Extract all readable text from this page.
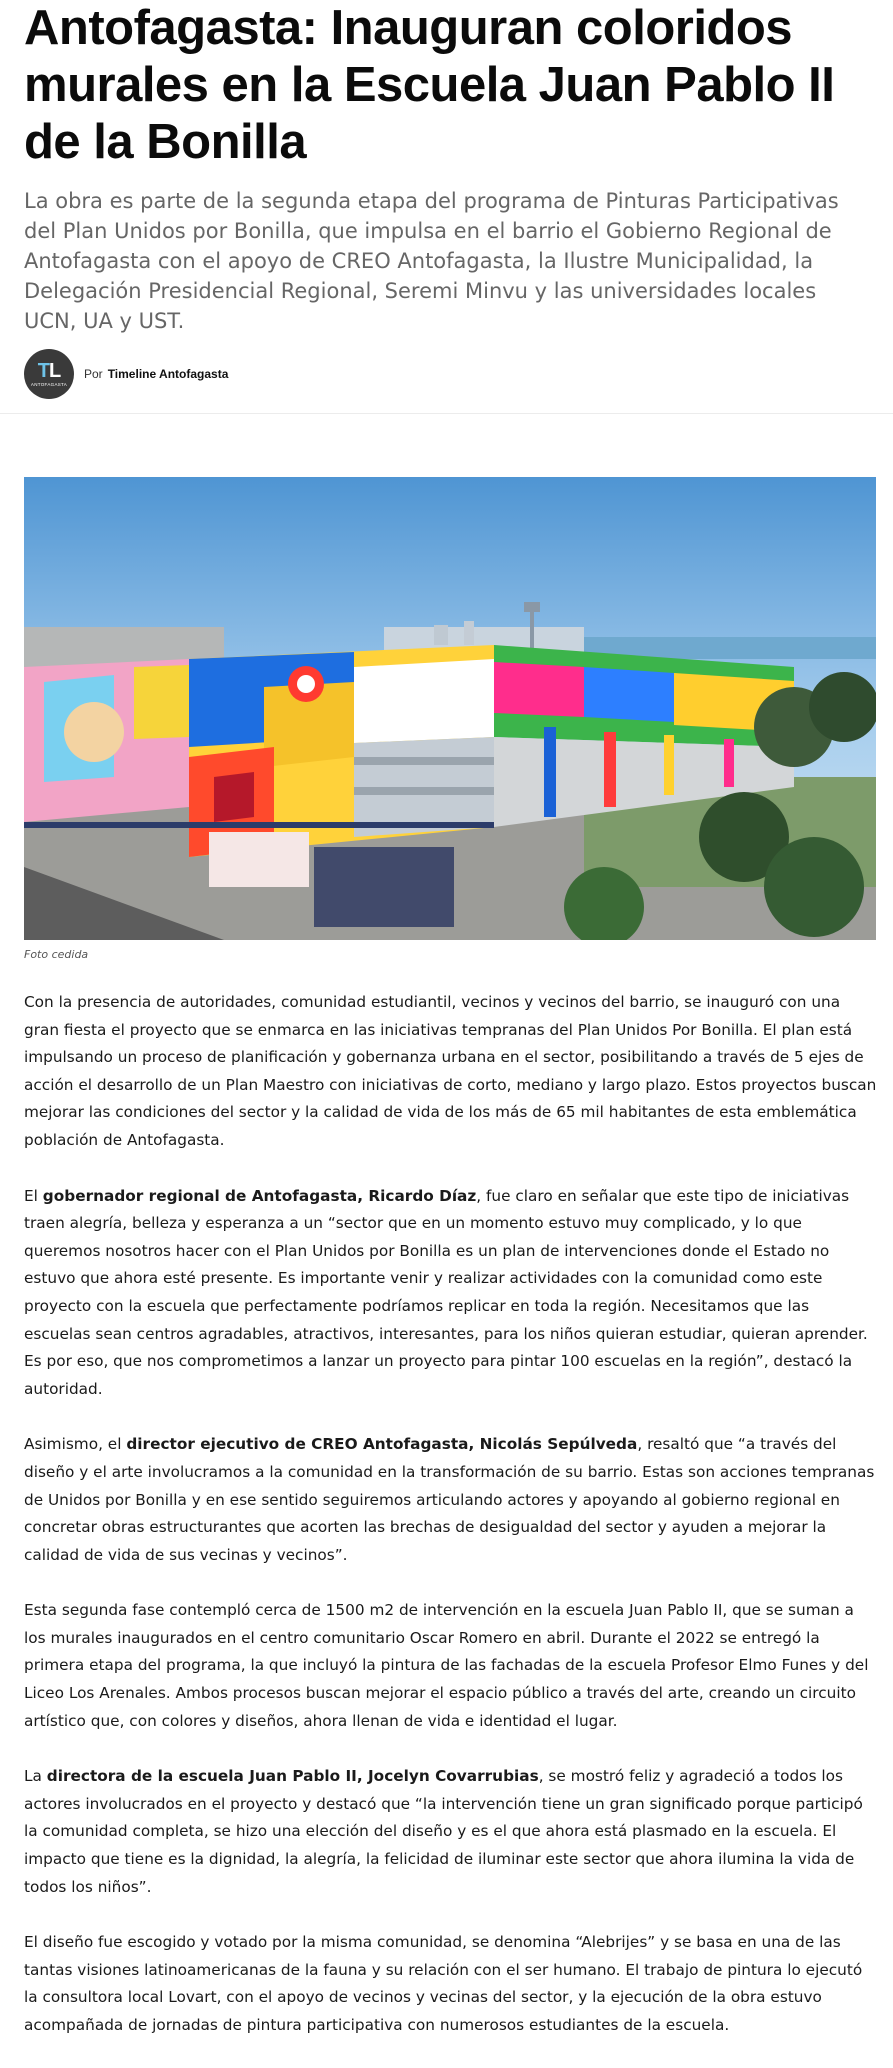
Antofagasta: Inauguran coloridos murales en la Escuela Juan Pablo II de la Bonilla

La obra es parte de la segunda etapa del programa de Pinturas Participativas del Plan Unidos por Bonilla, que impulsa en el barrio el Gobierno Regional de Antofagasta con el apoyo de CREO Antofagasta, la Ilustre Municipalidad, la Delegación Presidencial Regional, Seremi Minvu y las universidades locales UCN, UA y UST.

TL
ANTOFAGASTA
Por Timeline Antofagasta
Foto cedida

Con la presencia de autoridades, comunidad estudiantil, vecinos y vecinos del barrio, se inauguró con una gran fiesta el proyecto que se enmarca en las iniciativas tempranas del Plan Unidos Por Bonilla. El plan está impulsando un proceso de planificación y gobernanza urbana en el sector, posibilitando a través de 5 ejes de acción el desarrollo de un Plan Maestro con iniciativas de corto, mediano y largo plazo. Estos proyectos buscan mejorar las condiciones del sector y la calidad de vida de los más de 65 mil habitantes de esta emblemática población de Antofagasta.

El gobernador regional de Antofagasta, Ricardo Díaz, fue claro en señalar que este tipo de iniciativas traen alegría, belleza y esperanza a un “sector que en un momento estuvo muy complicado, y lo que queremos nosotros hacer con el Plan Unidos por Bonilla es un plan de intervenciones donde el Estado no estuvo que ahora esté presente. Es importante venir y realizar actividades con la comunidad como este proyecto con la escuela que perfectamente podríamos replicar en toda la región. Necesitamos que las escuelas sean centros agradables, atractivos, interesantes, para los niños quieran estudiar, quieran aprender. Es por eso, que nos comprometimos a lanzar un proyecto para pintar 100 escuelas en la región”, destacó la autoridad.

Asimismo, el director ejecutivo de CREO Antofagasta, Nicolás Sepúlveda, resaltó que “a través del diseño y el arte involucramos a la comunidad en la transformación de su barrio. Estas son acciones tempranas de Unidos por Bonilla y en ese sentido seguiremos articulando actores y apoyando al gobierno regional en concretar obras estructurantes que acorten las brechas de desigualdad del sector y ayuden a mejorar la calidad de vida de sus vecinas y vecinos”.

Esta segunda fase contempló cerca de 1500 m2 de intervención en la escuela Juan Pablo II, que se suman a los murales inaugurados en el centro comunitario Oscar Romero en abril. Durante el 2022 se entregó la primera etapa del programa, la que incluyó la pintura de las fachadas de la escuela Profesor Elmo Funes y del Liceo Los Arenales. Ambos procesos buscan mejorar el espacio público a través del arte, creando un circuito artístico que, con colores y diseños, ahora llenan de vida e identidad el lugar.

La directora de la escuela Juan Pablo II, Jocelyn Covarrubias, se mostró feliz y agradeció a todos los actores involucrados en el proyecto y destacó que “la intervención tiene un gran significado porque participó la comunidad completa, se hizo una elección del diseño y es el que ahora está plasmado en la escuela. El impacto que tiene es la dignidad, la alegría, la felicidad de iluminar este sector que ahora ilumina la vida de todos los niños”.

El diseño fue escogido y votado por la misma comunidad, se denomina “Alebrijes” y se basa en una de las tantas visiones latinoamericanas de la fauna y su relación con el ser humano. El trabajo de pintura lo ejecutó la consultora local Lovart, con el apoyo de vecinos y vecinas del sector, y la ejecución de la obra estuvo acompañada de jornadas de pintura participativa con numerosos estudiantes de la escuela.
